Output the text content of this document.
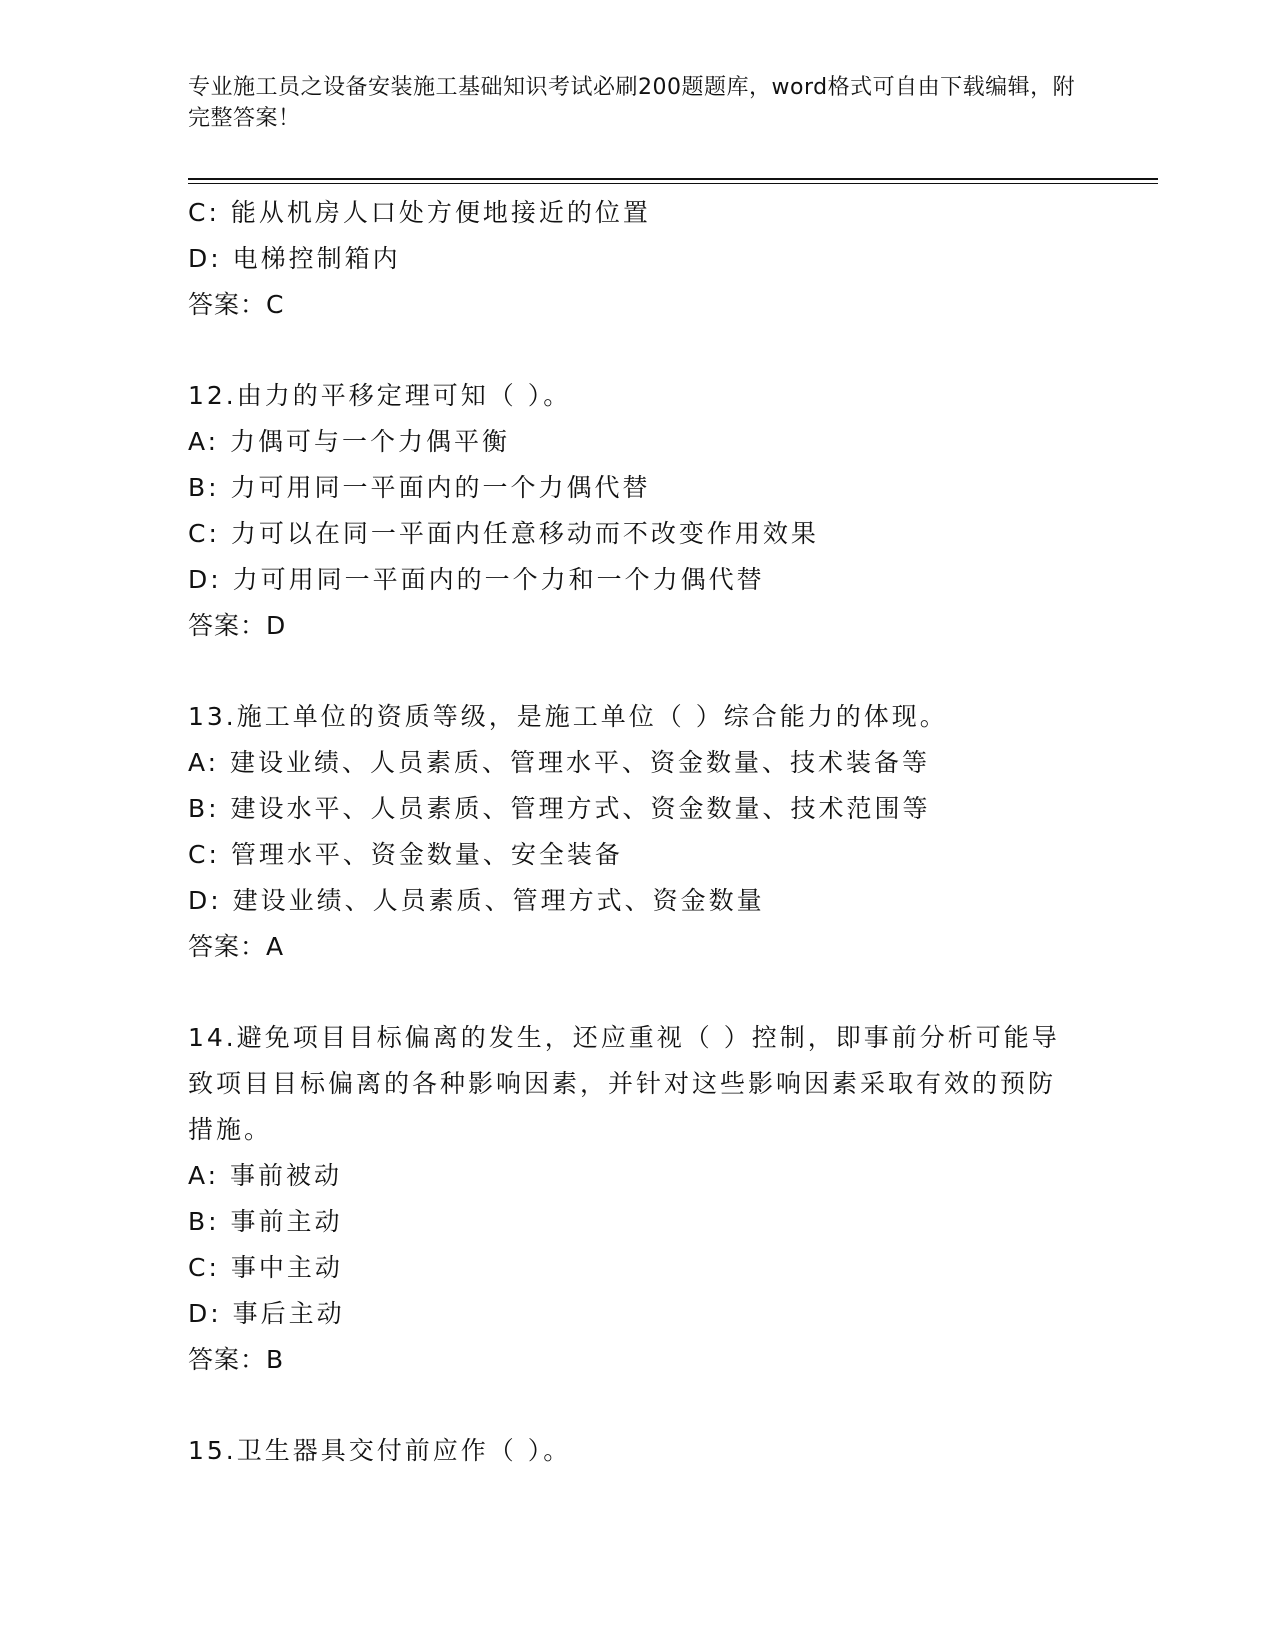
专业施工员之设备安装施工基础知识考试必刷200题题库，word格式可自由下载编辑，附完整答案！
C: 能从机房人口处方便地接近的位置
D: 电梯控制箱内
答案：C
12.由力的平移定理可知（ ）。
A: 力偶可与一个力偶平衡
B: 力可用同一平面内的一个力偶代替
C: 力可以在同一平面内任意移动而不改变作用效果
D: 力可用同一平面内的一个力和一个力偶代替
答案：D
13.施工单位的资质等级，是施工单位（ ）综合能力的体现。
A: 建设业绩、人员素质、管理水平、资金数量、技术装备等
B: 建设水平、人员素质、管理方式、资金数量、技术范围等
C: 管理水平、资金数量、安全装备
D: 建设业绩、人员素质、管理方式、资金数量
答案：A
14.避免项目目标偏离的发生，还应重视（ ）控制，即事前分析可能导致项目目标偏离的各种影响因素，并针对这些影响因素采取有效的预防措施。
A: 事前被动
B: 事前主动
C: 事中主动
D: 事后主动
答案：B
15.卫生器具交付前应作（ ）。
